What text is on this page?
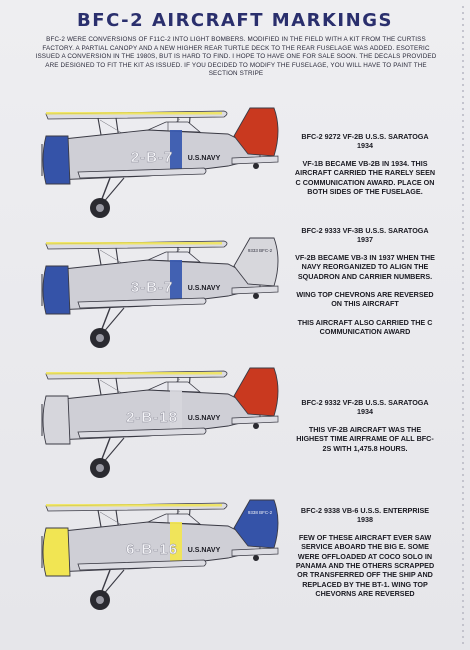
BFC-2 AIRCRAFT MARKINGS

BFC-2 WERE CONVERSIONS OF F11C-2 INTO LIGHT BOMBERS. MODIFIED IN THE FIELD WITH A KIT FROM THE CURTISS FACTORY. A PARTIAL CANOPY AND A NEW HIGHER REAR TURTLE DECK TO THE REAR FUSELAGE WAS ADDED. ESOTERIC ISSUED A CONVERSION IN THE 1980S, BUT IS HARD TO FIND. I HOPE TO HAVE ONE FOR SALE SOON. THE DECALS PROVIDED ARE DESIGNED TO FIT THE KIT AS ISSUED. IF YOU DECIDED TO MODIFY THE FUSELAGE, YOU WILL HAVE TO PAINT THE SECTION STRIPE

2-B-7 U.S.NAVY

BFC-2 9272 VF-2B U.S.S. SARATOGA 1934

VF-1B BECAME VB-2B IN 1934. THIS AIRCRAFT CARRIED THE RARELY SEEN C COMMUNICATION AWARD. PLACE ON BOTH SIDES OF THE FUSELAGE.

3-B-7 U.S.NAVY
9333 BFC-2

BFC-2 9333 VF-3B U.S.S. SARATOGA 1937

VF-2B BECAME VB-3 IN 1937 WHEN THE NAVY REORGANIZED TO ALIGN THE SQUADRON AND CARRIER NUMBERS.

WING TOP CHEVRONS ARE REVERSED ON THIS AIRCRAFT

THIS AIRCRAFT ALSO CARRIED THE C COMMUNICATION AWARD

2-B-18 U.S.NAVY

BFC-2 9332 VF-2B U.S.S. SARATOGA 1934

THIS VF-2B AIRCRAFT WAS THE HIGHEST TIME AIRFRAME OF ALL BFC-2S WITH 1,475.8 HOURS.

6-B-16 U.S.NAVY
9338 BFC-2	BFC-2 9338 VB-6 U.S.S. ENTERPRISE 1938

FEW OF THESE AIRCRAFT EVER SAW SERVICE ABOARD THE BIG E. SOME WERE OFFLOADED AT COCO SOLO IN PANAMA AND THE OTHERS SCRAPPED OR TRANSFERRED OFF THE SHIP AND REPLACED BY THE BT-1. WING TOP CHEVORNS ARE REVERSED
